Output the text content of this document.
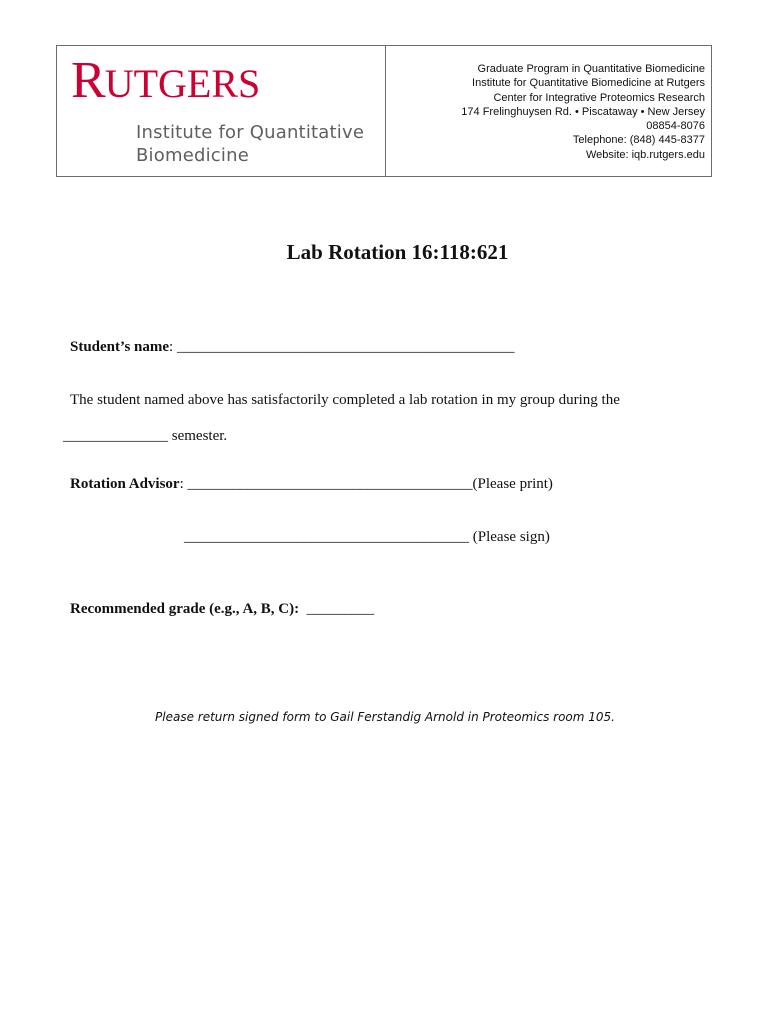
RUTGERS
Institute for Quantitative
Biomedicine
Graduate Program in Quantitative Biomedicine
Institute for Quantitative Biomedicine at Rutgers
Center for Integrative Proteomics Research
174 Frelinghuysen Rd. • Piscataway • New Jersey
08854-8076
Telephone: (848) 445-8377
Website: iqb.rutgers.edu
Lab Rotation 16:118:621
Student’s name: _____________________________________________
The student named above has satisfactorily completed a lab rotation in my group during the
______________ semester.
Rotation Advisor: ______________________________________(Please print)
______________________________________ (Please sign)
Recommended grade (e.g., A, B, C):  _________
Please return signed form to Gail Ferstandig Arnold in Proteomics room 105.
